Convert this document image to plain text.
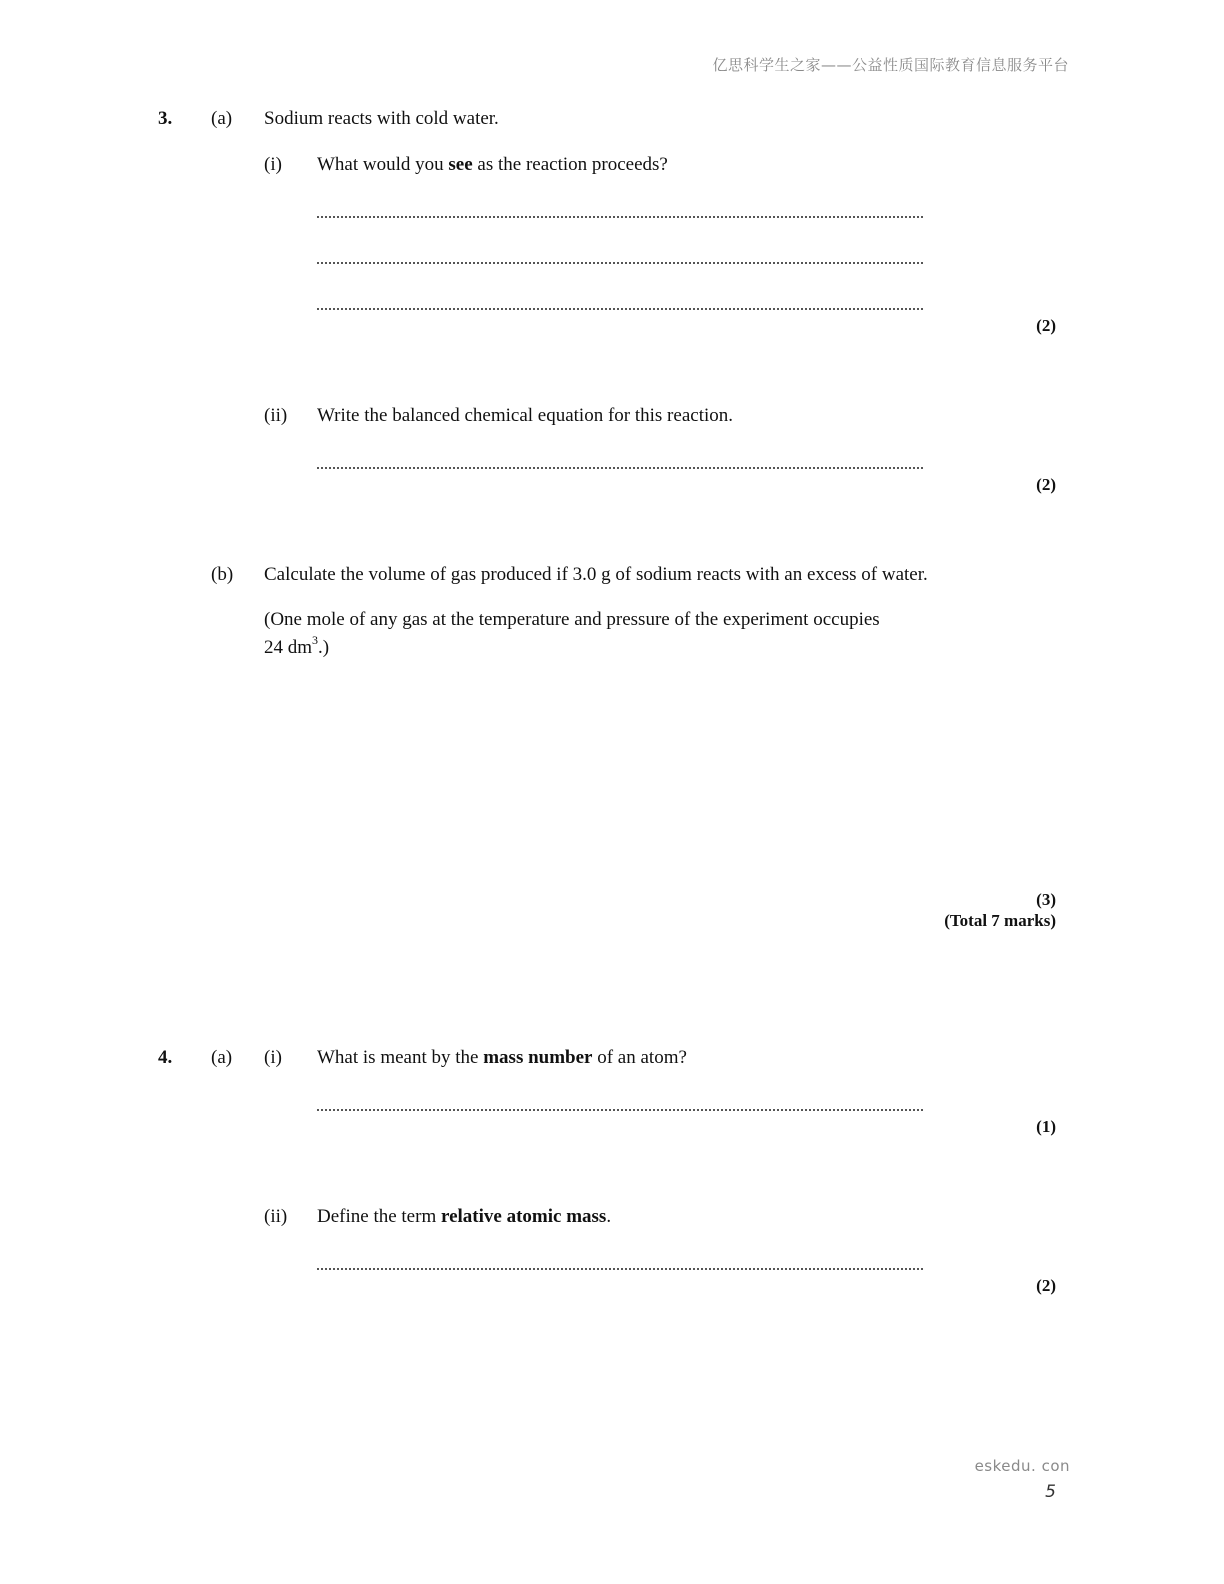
亿思科学生之家——公益性质国际教育信息服务平台
3. (a) Sodium reacts with cold water.
(i) What would you see as the reaction proceeds?
(2)
(ii) Write the balanced chemical equation for this reaction.
(2)
(b) Calculate the volume of gas produced if 3.0 g of sodium reacts with an excess of water.
(One mole of any gas at the temperature and pressure of the experiment occupies
24 $dm^3$.)
(3)
(Total 7 marks)
4. (a) (i) What is meant by the mass number of an atom?
(1)
(ii) Define the term relative atomic mass.
(2)
eskedu. con
5
